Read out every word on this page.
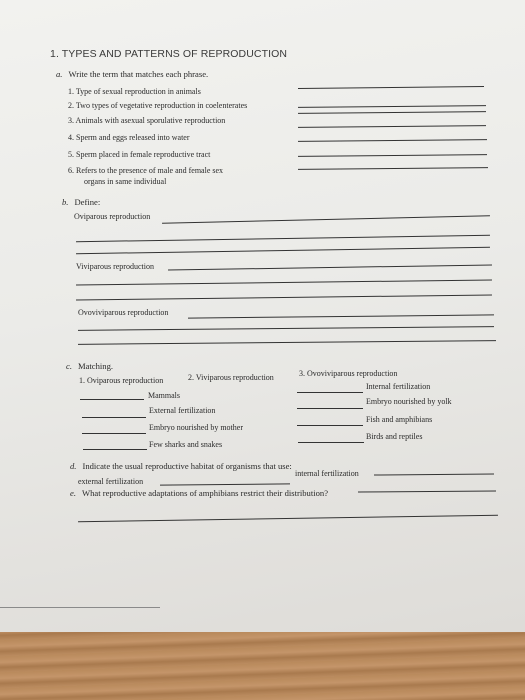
1. TYPES AND PATTERNS OF REPRODUCTION
a. Write the term that matches each phrase.
1. Type of sexual reproduction in animals
2. Two types of vegetative reproduction in coelenterates
3. Animals with asexual sporulative reproduction
4. Sperm and eggs released into water
5. Sperm placed in female reproductive tract
6. Refers to the presence of male and female sex
organs in same individual
b. Define:
Oviparous reproduction
Viviparous reproduction
Ovoviviparous reproduction
c. Matching.
1. Oviparous reproduction	2. Viviparous reproduction	3. Ovoviviparous reproduction
Mammals
External fertilization
Embryo nourished by mother
Few sharks and snakes
Internal fertilization
Embryo nourished by yolk
Fish and amphibians
Birds and reptiles
d. Indicate the usual reproductive habitat of organisms that use:
external fertilization
internal fertilization
e. What reproductive adaptations of amphibians restrict their distribution?
